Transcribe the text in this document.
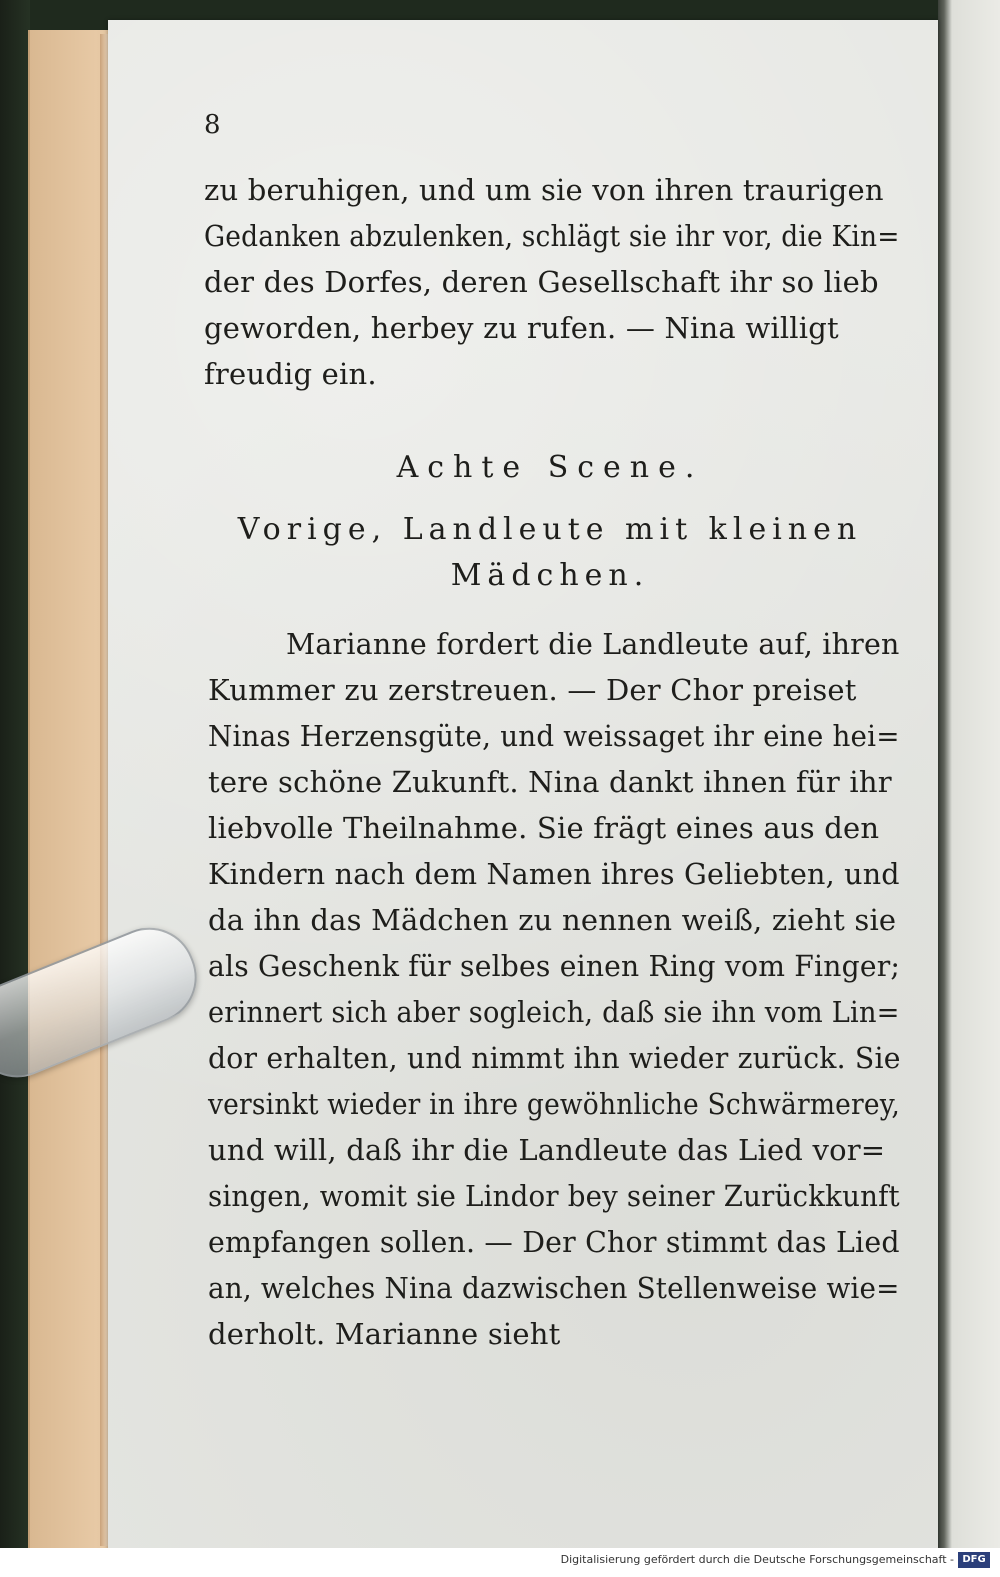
8
zu beruhigen, und um sie von ihren traurigen
Gedanken abzulenken, schlägt sie ihr vor, die Kin=
der des Dorfes, deren Gesellschaft ihr so lieb
geworden, herbey zu rufen. — Nina willigt
freudig ein.
Achte Scene.
Vorige, Landleute mit kleinen
Mädchen.
Marianne fordert die Landleute auf, ihren
Kummer zu zerstreuen. — Der Chor preiset
Ninas Herzensgüte, und weissaget ihr eine hei=
tere schöne Zukunft. Nina dankt ihnen für ihr
liebvolle Theilnahme. Sie frägt eines aus den
Kindern nach dem Namen ihres Geliebten, und
da ihn das Mädchen zu nennen weiß, zieht sie
als Geschenk für selbes einen Ring vom Finger;
erinnert sich aber sogleich, daß sie ihn vom Lin=
dor erhalten, und nimmt ihn wieder zurück. Sie
versinkt wieder in ihre gewöhnliche Schwärmerey,
und will, daß ihr die Landleute das Lied vor=
singen, womit sie Lindor bey seiner Zurückkunft
empfangen sollen. — Der Chor stimmt das Lied
an, welches Nina dazwischen Stellenweise wie=
derholt. Marianne sieht
Digitalisierung gefördert durch die Deutsche Forschungsgemeinschaft - DFG
